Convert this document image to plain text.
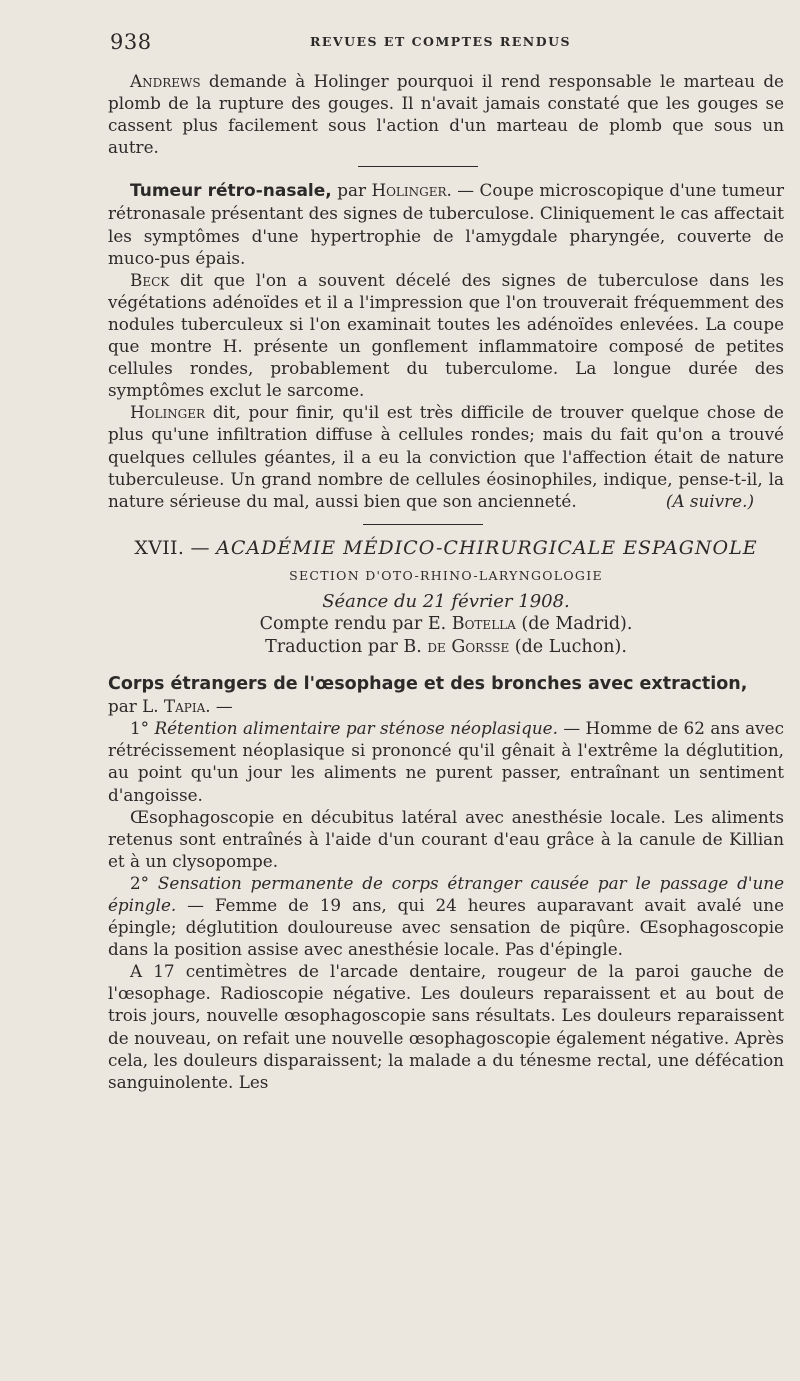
938	REVUES ET COMPTES RENDUS

Andrews demande à Holinger pourquoi il rend responsable le marteau de plomb de la rupture des gouges. Il n'avait jamais constaté que les gouges se cassent plus facilement sous l'action d'un marteau de plomb que sous un autre.

Tumeur rétro-nasale, par Holinger. — Coupe microscopique d'une tumeur rétronasale présentant des signes de tuberculose. Cliniquement le cas affectait les symptômes d'une hypertrophie de l'amygdale pharyngée, couverte de muco-pus épais.

Beck dit que l'on a souvent décelé des signes de tuberculose dans les végétations adénoïdes et il a l'impression que l'on trouverait fréquemment des nodules tuberculeux si l'on examinait toutes les adénoïdes enlevées. La coupe que montre H. présente un gonflement inflammatoire composé de petites cellules rondes, probablement du tuberculome. La longue durée des symptômes exclut le sarcome.

Holinger dit, pour finir, qu'il est très difficile de trouver quelque chose de plus qu'une infiltration diffuse à cellules rondes; mais du fait qu'on a trouvé quelques cellules géantes, il a eu la conviction que l'affection était de nature tuberculeuse. Un grand nombre de cellules éosinophiles, indique, pense-t-il, la nature sérieuse du mal, aussi bien que son ancienneté.	(A suivre.)

XVII. — ACADÉMIE MÉDICO-CHIRURGICALE ESPAGNOLE

SECTION D'OTO-RHINO-LARYNGOLOGIE

Séance du 21 février 1908.

Compte rendu par E. Botella (de Madrid).

Traduction par B. de Gorsse (de Luchon).

Corps étrangers de l'œsophage et des bronches avec extraction,

par L. Tapia. —

1° Rétention alimentaire par sténose néoplasique. — Homme de 62 ans avec rétrécissement néoplasique si prononcé qu'il gênait à l'extrême la déglutition, au point qu'un jour les aliments ne purent passer, entraînant un sentiment d'angoisse.

Œsophagoscopie en décubitus latéral avec anesthésie locale. Les aliments retenus sont entraînés à l'aide d'un courant d'eau grâce à la canule de Killian et à un clysopompe.

2° Sensation permanente de corps étranger causée par le passage d'une épingle. — Femme de 19 ans, qui 24 heures auparavant avait avalé une épingle; déglutition douloureuse avec sensation de piqûre. Œsophagoscopie dans la position assise avec anesthésie locale. Pas d'épingle.

A 17 centimètres de l'arcade dentaire, rougeur de la paroi gauche de l'œsophage. Radioscopie négative. Les douleurs reparaissent et au bout de trois jours, nouvelle œsophagoscopie sans résultats. Les douleurs reparaissent de nouveau, on refait une nouvelle œsophagoscopie également négative. Après cela, les douleurs disparaissent; la malade a du ténesme rectal, une défécation sanguinolente. Les
